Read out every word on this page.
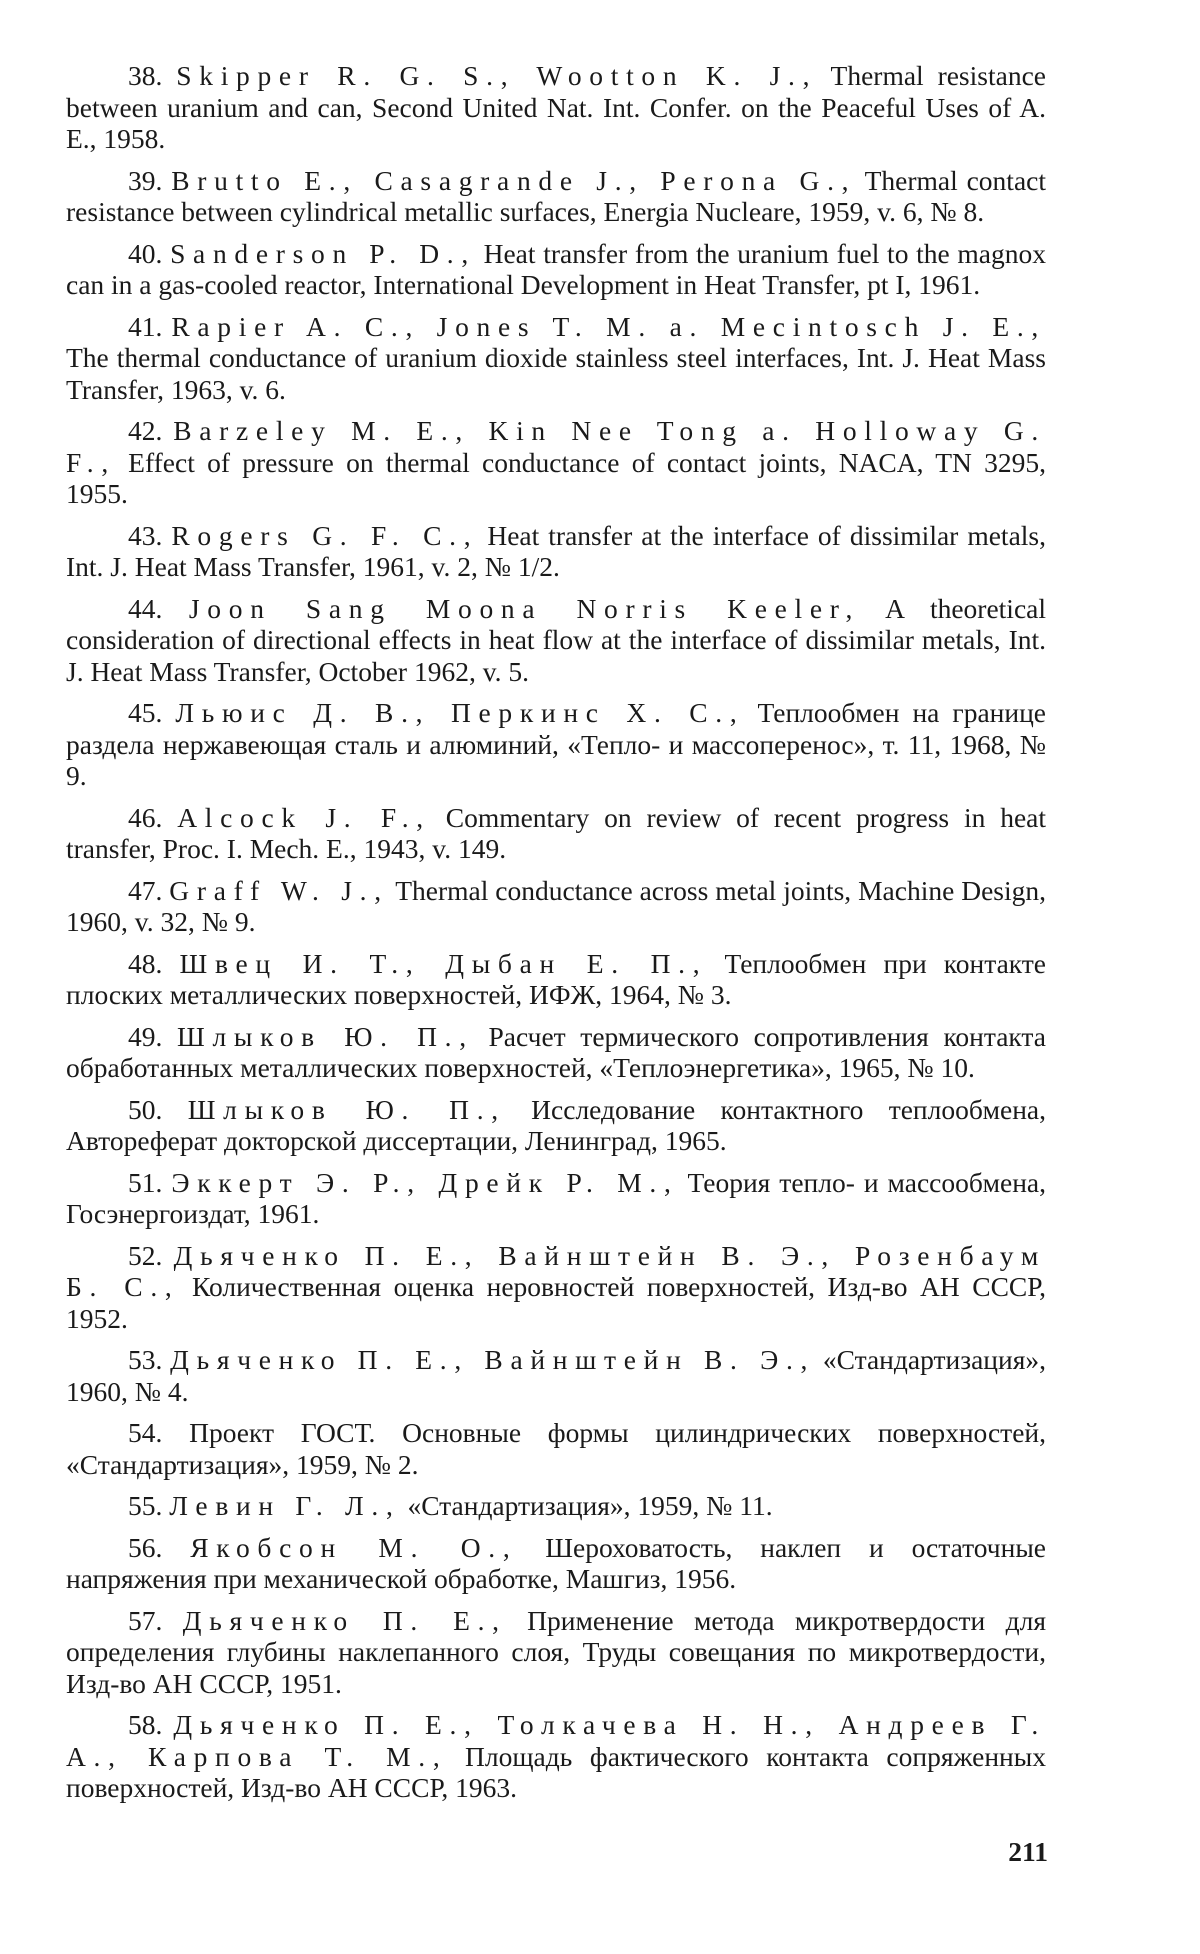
38. Skipper R. G. S., Wootton K. J., Thermal resistance between uranium and can, Second United Nat. Int. Confer. on the Peaceful Uses of A. E., 1958.

39. Brutto E., Casagrande J., Perona G., Thermal contact resistance between cylindrical metallic surfaces, Energia Nucleare, 1959, v. 6, № 8.

40. Sanderson P. D., Heat transfer from the uranium fuel to the magnox can in a gas-cooled reactor, International Development in Heat Transfer, pt I, 1961.

41. Rapier A. C., Jones T. M. a. Mecintosch J. E., The thermal conductance of uranium dioxide stainless steel interfaces, Int. J. Heat Mass Transfer, 1963, v. 6.

42. Barzeley M. E., Kin Nee Tong a. Holloway G. F., Effect of pressure on thermal conductance of contact joints, NACA, TN 3295, 1955.

43. Rogers G. F. C., Heat transfer at the interface of dissimilar metals, Int. J. Heat Mass Transfer, 1961, v. 2, № 1/2.

44. Joon Sang Moona Norris Keeler, A theoretical consideration of directional effects in heat flow at the interface of dissimilar metals, Int. J. Heat Mass Transfer, October 1962, v. 5.

45. Льюис Д. В., Перкинс Х. С., Теплообмен на границе раздела нержавеющая сталь и алюминий, «Тепло- и массоперенос», т. 11, 1968, № 9.

46. Alcock J. F., Commentary on review of recent progress in heat transfer, Proc. I. Mech. E., 1943, v. 149.

47. Graff W. J., Thermal conductance across metal joints, Machine Design, 1960, v. 32, № 9.

48. Швец И. Т., Дыбан Е. П., Теплообмен при контакте плоских металлических поверхностей, ИФЖ, 1964, № 3.

49. Шлыков Ю. П., Расчет термического сопротивления контакта обработанных металлических поверхностей, «Теплоэнергетика», 1965, № 10.

50. Шлыков Ю. П., Исследование контактного теплообмена, Автореферат докторской диссертации, Ленинград, 1965.

51. Эккерт Э. Р., Дрейк Р. М., Теория тепло- и массообмена, Госэнергоиздат, 1961.

52. Дьяченко П. Е., Вайнштейн В. Э., Розенбаум Б. С., Количественная оценка неровностей поверхностей, Изд-во АН СССР, 1952.

53. Дьяченко П. Е., Вайнштейн В. Э., «Стандартизация», 1960, № 4.

54. Проект ГОСТ. Основные формы цилиндрических поверхностей, «Стандартизация», 1959, № 2.

55. Левин Г. Л., «Стандартизация», 1959, № 11.

56. Якобсон М. О., Шероховатость, наклеп и остаточные напряжения при механической обработке, Машгиз, 1956.

57. Дьяченко П. Е., Применение метода микротвердости для определения глубины наклепанного слоя, Труды совещания по микротвердости, Изд-во АН СССР, 1951.

58. Дьяченко П. Е., Толкачева Н. Н., Андреев Г. А., Карпова Т. М., Площадь фактического контакта сопряженных поверхностей, Изд-во АН СССР, 1963.

211
